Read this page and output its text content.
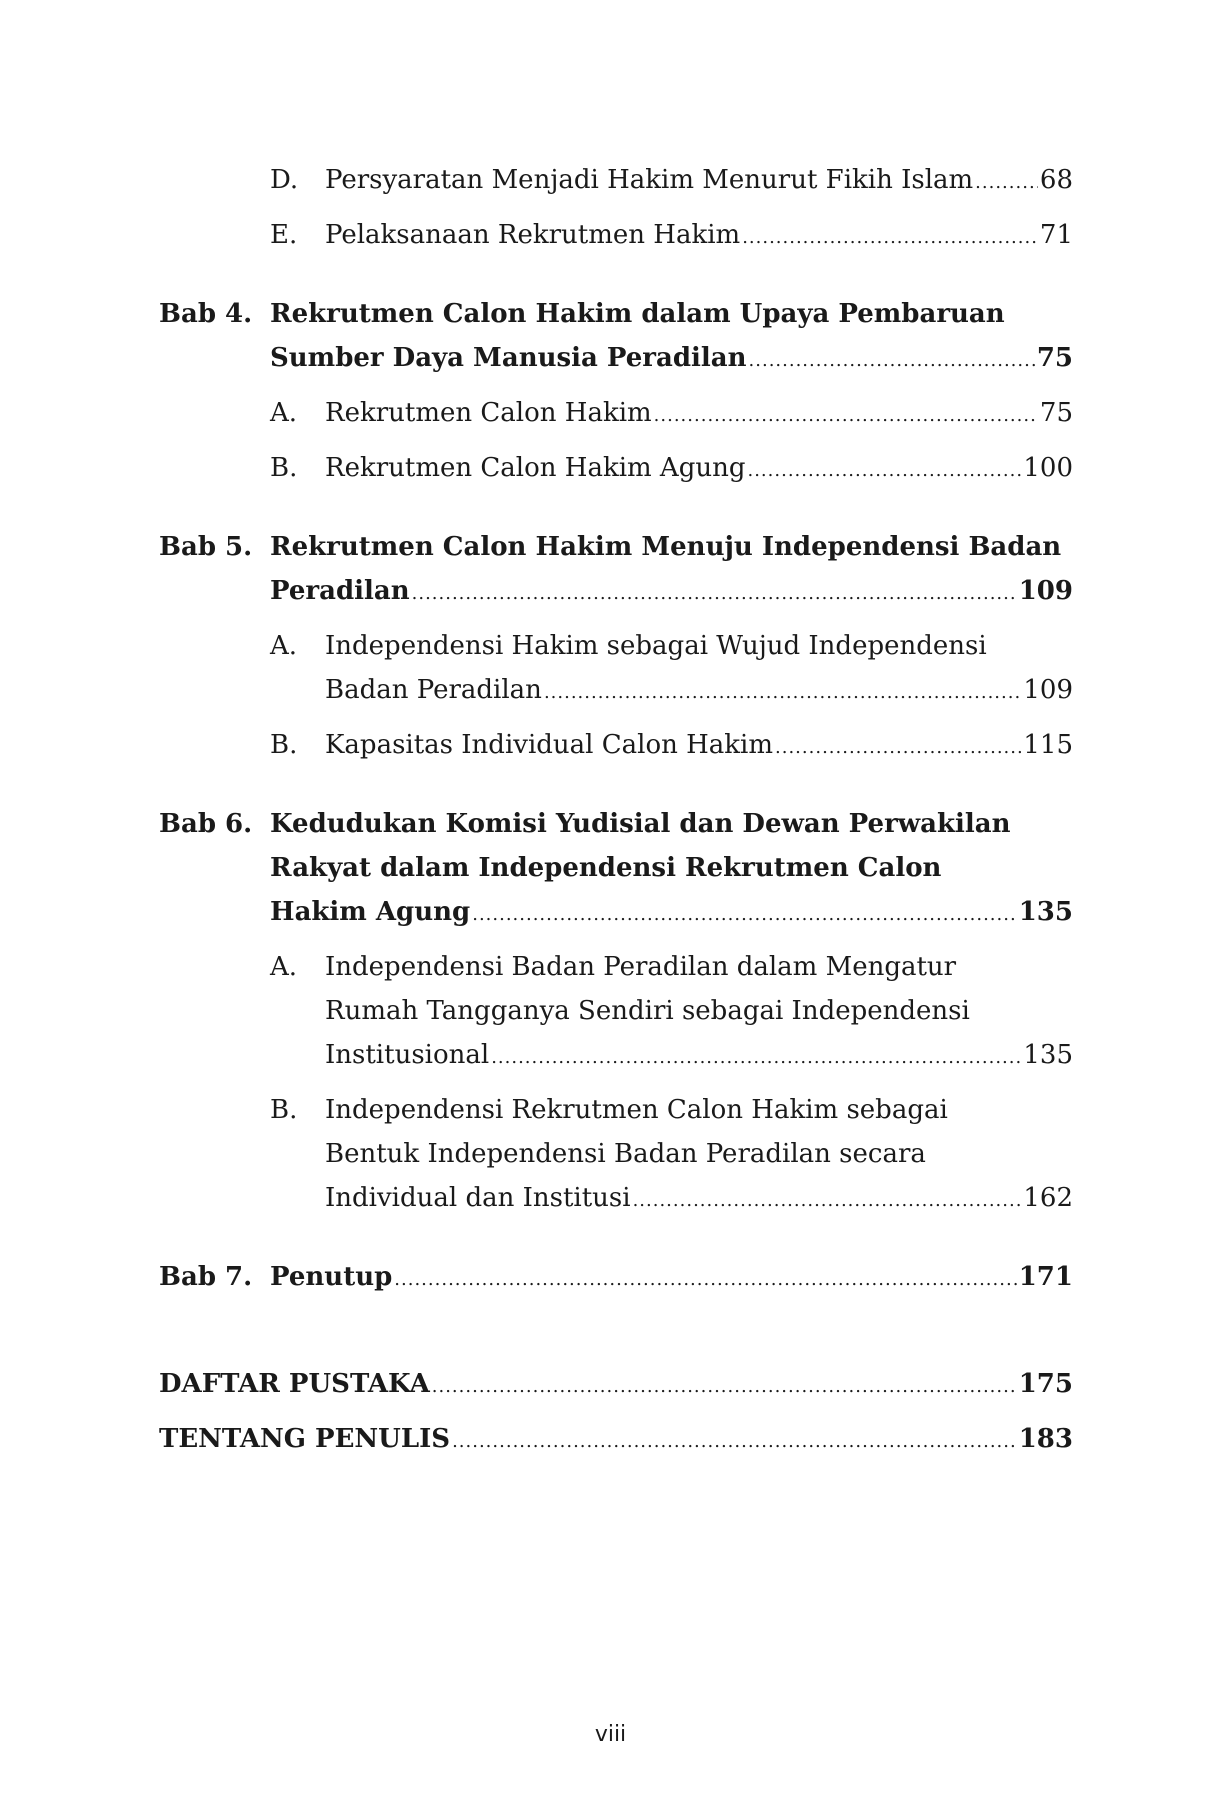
D.	Persyaratan Menjadi Hakim Menurut Fikih Islam .....	68
E.	Pelaksanaan Rekrutmen Hakim .....	71
Bab 4. Rekrutmen Calon Hakim dalam Upaya Pembaruan
Sumber Daya Manusia Peradilan .....	75
A.	Rekrutmen Calon Hakim .....	75
B.	Rekrutmen Calon Hakim Agung .....	100
Bab 5. Rekrutmen Calon Hakim Menuju Independensi Badan
Peradilan .....	109
A.	Independensi Hakim sebagai Wujud Independensi
Badan Peradilan .....	109
B.	Kapasitas Individual Calon Hakim .....	115
Bab 6. Kedudukan Komisi Yudisial dan Dewan Perwakilan
Rakyat dalam Independensi Rekrutmen Calon
Hakim Agung .....	135
A.	Independensi Badan Peradilan dalam Mengatur
Rumah Tangganya Sendiri sebagai Independensi
Institusional .....	135
B.	Independensi Rekrutmen Calon Hakim sebagai
Bentuk Independensi Badan Peradilan secara
Individual dan Institusi .....	162
Bab 7. Penutup .....	171
DAFTAR PUSTAKA .....	175
TENTANG PENULIS .....	183
viii
